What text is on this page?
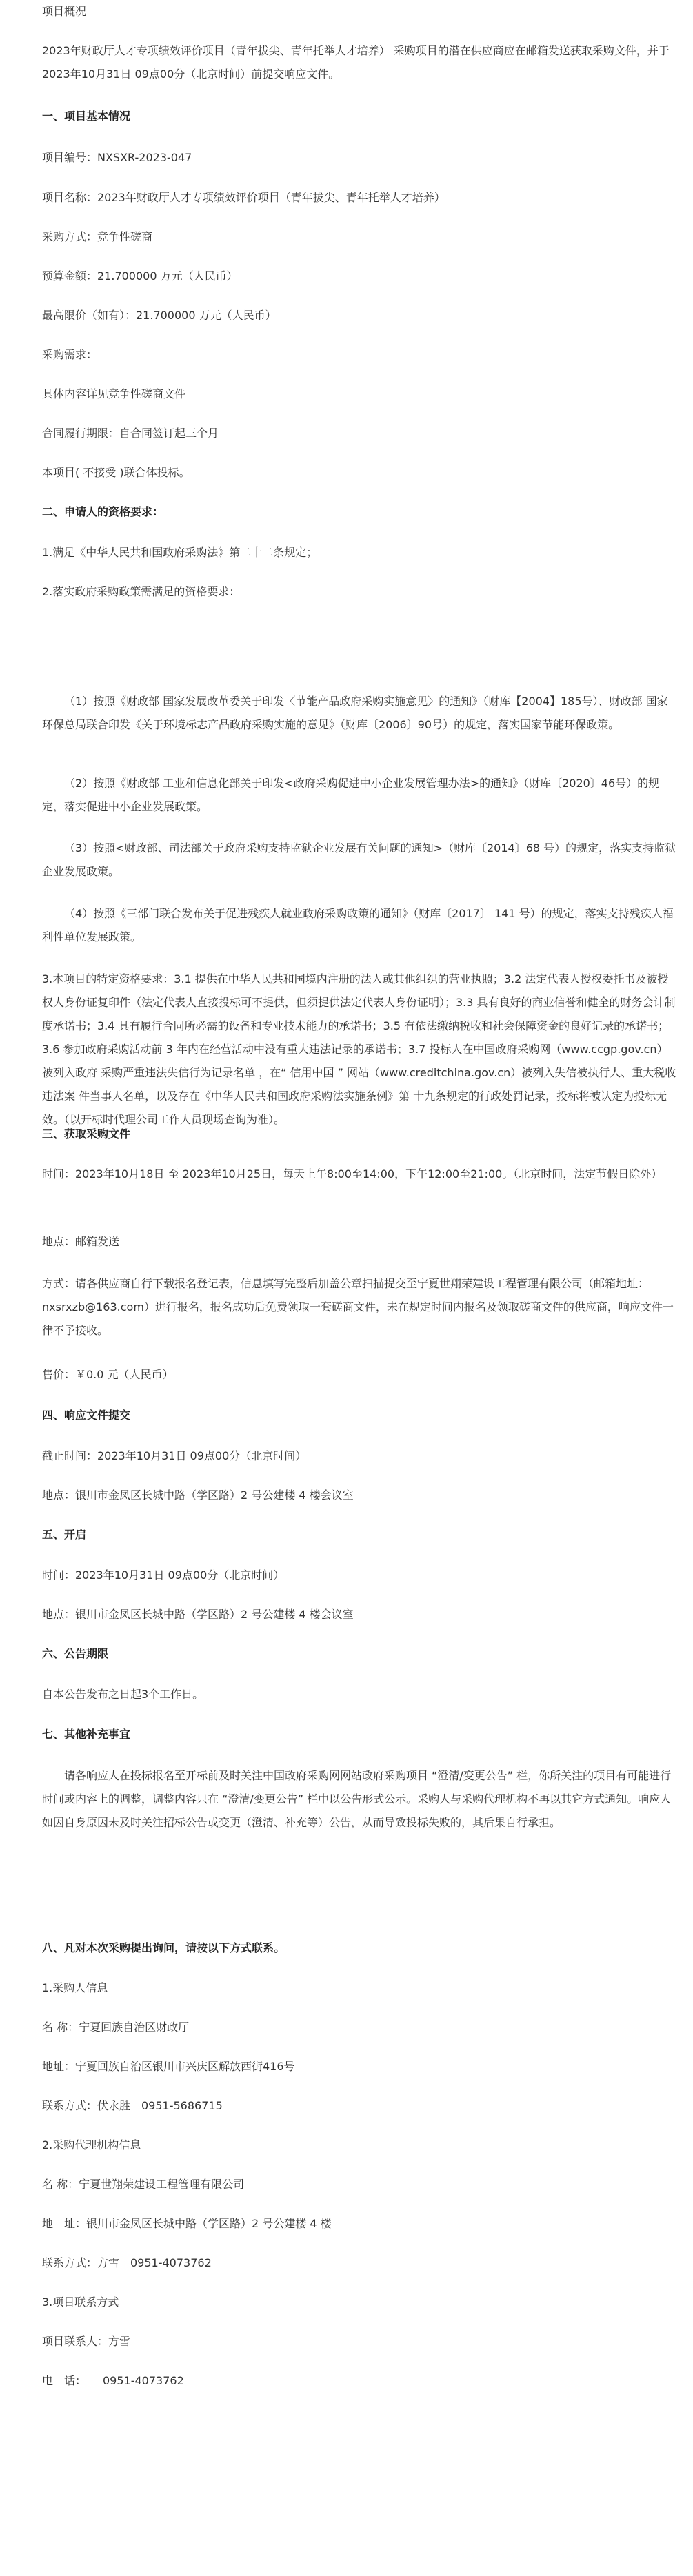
项目概况

2023年财政厅人才专项绩效评价项目（青年拔尖、青年托举人才培养） 采购项目的潜在供应商应在邮箱发送获取采购文件，并于2023年10月31日 09点00分（北京时间）前提交响应文件。

一、项目基本情况

项目编号：NXSXR-2023-047

项目名称：2023年财政厅人才专项绩效评价项目（青年拔尖、青年托举人才培养）

采购方式：竞争性磋商

预算金额：21.700000 万元（人民币）

最高限价（如有）：21.700000 万元（人民币）

采购需求：

具体内容详见竞争性磋商文件

合同履行期限：自合同签订起三个月

本项目( 不接受 )联合体投标。

二、申请人的资格要求：

1.满足《中华人民共和国政府采购法》第二十二条规定；

2.落实政府采购政策需满足的资格要求：

（1）按照《财政部 国家发展改革委关于印发〈节能产品政府采购实施意见〉的通知》（财库【2004】185号）、财政部 国家环保总局联合印发《关于环境标志产品政府采购实施的意见》（财库〔2006〕90号）的规定，落实国家节能环保政策。

（2）按照《财政部 工业和信息化部关于印发<政府采购促进中小企业发展管理办法>的通知》（财库〔2020〕46号）的规定，落实促进中小企业发展政策。

（3）按照<财政部、司法部关于政府采购支持监狱企业发展有关问题的通知>（财库〔2014〕68 号）的规定，落实支持监狱企业发展政策。

（4）按照《三部门联合发布关于促进残疾人就业政府采购政策的通知》（财库〔2017〕 141 号）的规定，落实支持残疾人福利性单位发展政策。

3.本项目的特定资格要求：3.1 提供在中华人民共和国境内注册的法人或其他组织的营业执照；3.2 法定代表人授权委托书及被授权人身份证复印件（法定代表人直接投标可不提供，但须提供法定代表人身份证明）；3.3 具有良好的商业信誉和健全的财务会计制度承诺书；3.4 具有履行合同所必需的设备和专业技术能力的承诺书；3.5 有依法缴纳税收和社会保障资金的良好记录的承诺书；3.6 参加政府采购活动前 3 年内在经营活动中没有重大违法记录的承诺书；3.7 投标人在中国政府采购网（www.ccgp.gov.cn）被列入政府 采购严重违法失信行为记录名单 ，在“ 信用中国 ” 网站（www.creditchina.gov.cn）被列入失信被执行人、重大税收违法案 件当事人名单，以及存在《中华人民共和国政府采购法实施条例》第 十九条规定的行政处罚记录，投标将被认定为投标无效。（以开标时代理公司工作人员现场查询为准）。

三、获取采购文件

时间：2023年10月18日 至 2023年10月25日，每天上午8:00至14:00，下午12:00至21:00。（北京时间，法定节假日除外）

地点：邮箱发送

方式：请各供应商自行下载报名登记表，信息填写完整后加盖公章扫描提交至宁夏世翔荣建设工程管理有限公司（邮箱地址：nxsrxzb@163.com）进行报名，报名成功后免费领取一套磋商文件，未在规定时间内报名及领取磋商文件的供应商，响应文件一律不予接收。

售价：￥0.0 元（人民币）

四、响应文件提交

截止时间：2023年10月31日 09点00分（北京时间）

地点：银川市金凤区长城中路（学区路）2 号公建楼 4 楼会议室

五、开启

时间：2023年10月31日 09点00分（北京时间）

地点：银川市金凤区长城中路（学区路）2 号公建楼 4 楼会议室

六、公告期限

自本公告发布之日起3个工作日。

七、其他补充事宜

请各响应人在投标报名至开标前及时关注中国政府采购网网站政府采购项目 “澄清/变更公告” 栏，你所关注的项目有可能进行时间或内容上的调整，调整内容只在 “澄清/变更公告” 栏中以公告形式公示。采购人与采购代理机构不再以其它方式通知。响应人如因自身原因未及时关注招标公告或变更（澄清、补充等）公告，从而导致投标失败的，其后果自行承担。

八、凡对本次采购提出询问，请按以下方式联系。

1.采购人信息

名 称：宁夏回族自治区财政厅

地址：宁夏回族自治区银川市兴庆区解放西街416号

联系方式：伏永胜　0951-5686715

2.采购代理机构信息

名 称：宁夏世翔荣建设工程管理有限公司

地　址：银川市金凤区长城中路（学区路）2 号公建楼 4 楼

联系方式：方雪　0951-4073762

3.项目联系方式

项目联系人：方雪

电　话：　　0951-4073762
